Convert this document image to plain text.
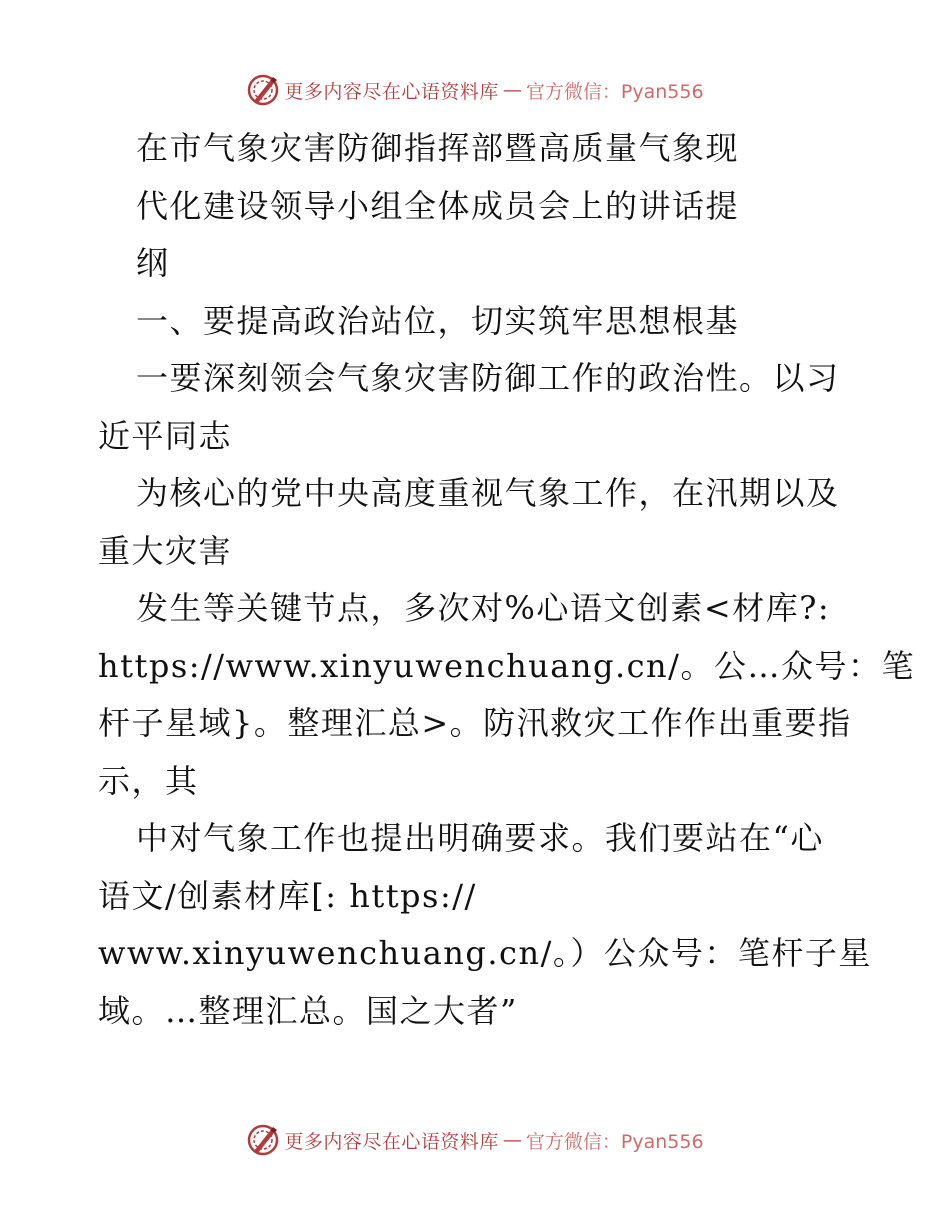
更多内容尽在心语资料库 — 官方微信：Pyan556
在市气象灾害防御指挥部暨高质量气象现
代化建设领导小组全体成员会上的讲话提
纲
一、要提高政治站位，切实筑牢思想根基
一要深刻领会气象灾害防御工作的政治性。以习
近平同志
为核心的党中央高度重视气象工作，在汛期以及
重大灾害
发生等关键节点，多次对%心语文创素<材库?:
https://www.xinyuwenchuang.cn/。公…众号：笔
杆子星域}。整理汇总>。防汛救灾工作作出重要指
示，其
中对气象工作也提出明确要求。我们要站在“心
语文/创素材库[: https://
www.xinyuwenchuang.cn/。）公众号：笔杆子星
域。…整理汇总。国之大者”
更多内容尽在心语资料库 — 官方微信：Pyan556
